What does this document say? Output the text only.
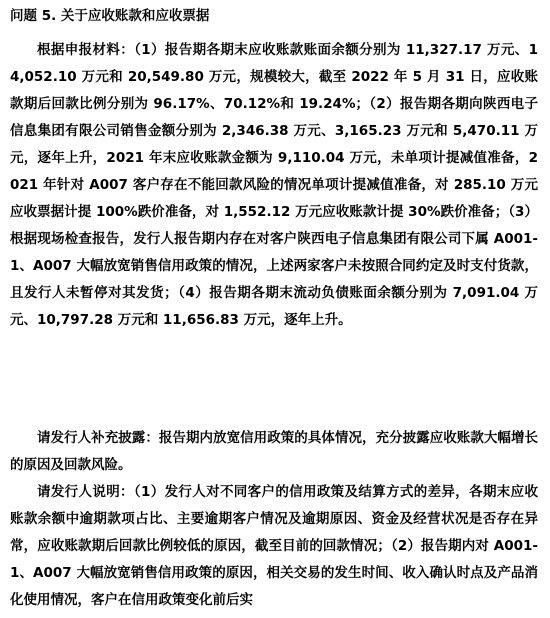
问题 5. 关于应收账款和应收票据

根据申报材料：（1）报告期各期末应收账款账面余额分别为 11,327.17 万元、14,052.10 万元和 20,549.80 万元，规模较大，截至 2022 年 5 月 31 日，应收账款期后回款比例分别为 96.17%、70.12%和 19.24%；（2）报告期各期向陕西电子信息集团有限公司销售金额分别为 2,346.38 万元、3,165.23 万元和 5,470.11 万元，逐年上升，2021 年末应收账款金额为 9,110.04 万元，未单项计提减值准备，2021 年针对 A007 客户存在不能回款风险的情况单项计提减值准备，对 285.10 万元应收票据计提 100%跌价准备，对 1,552.12 万元应收账款计提 30%跌价准备；（3）根据现场检查报告，发行人报告期内存在对客户陕西电子信息集团有限公司下属 A001-1、A007 大幅放宽销售信用政策的情况，上述两家客户未按照合同约定及时支付货款，且发行人未暂停对其发货；（4）报告期各期末流动负债账面余额分别为 7,091.04 万元、10,797.28 万元和 11,656.83 万元，逐年上升。

请发行人补充披露：报告期内放宽信用政策的具体情况，充分披露应收账款大幅增长的原因及回款风险。

请发行人说明：（1）发行人对不同客户的信用政策及结算方式的差异，各期末应收账款余额中逾期款项占比、主要逾期客户情况及逾期原因、资金及经营状况是否存在异常，应收账款期后回款比例较低的原因，截至目前的回款情况；（2）报告期内对 A001-1、A007 大幅放宽销售信用政策的原因，相关交易的发生时间、收入确认时点及产品消化使用情况，客户在信用政策变化前后实
